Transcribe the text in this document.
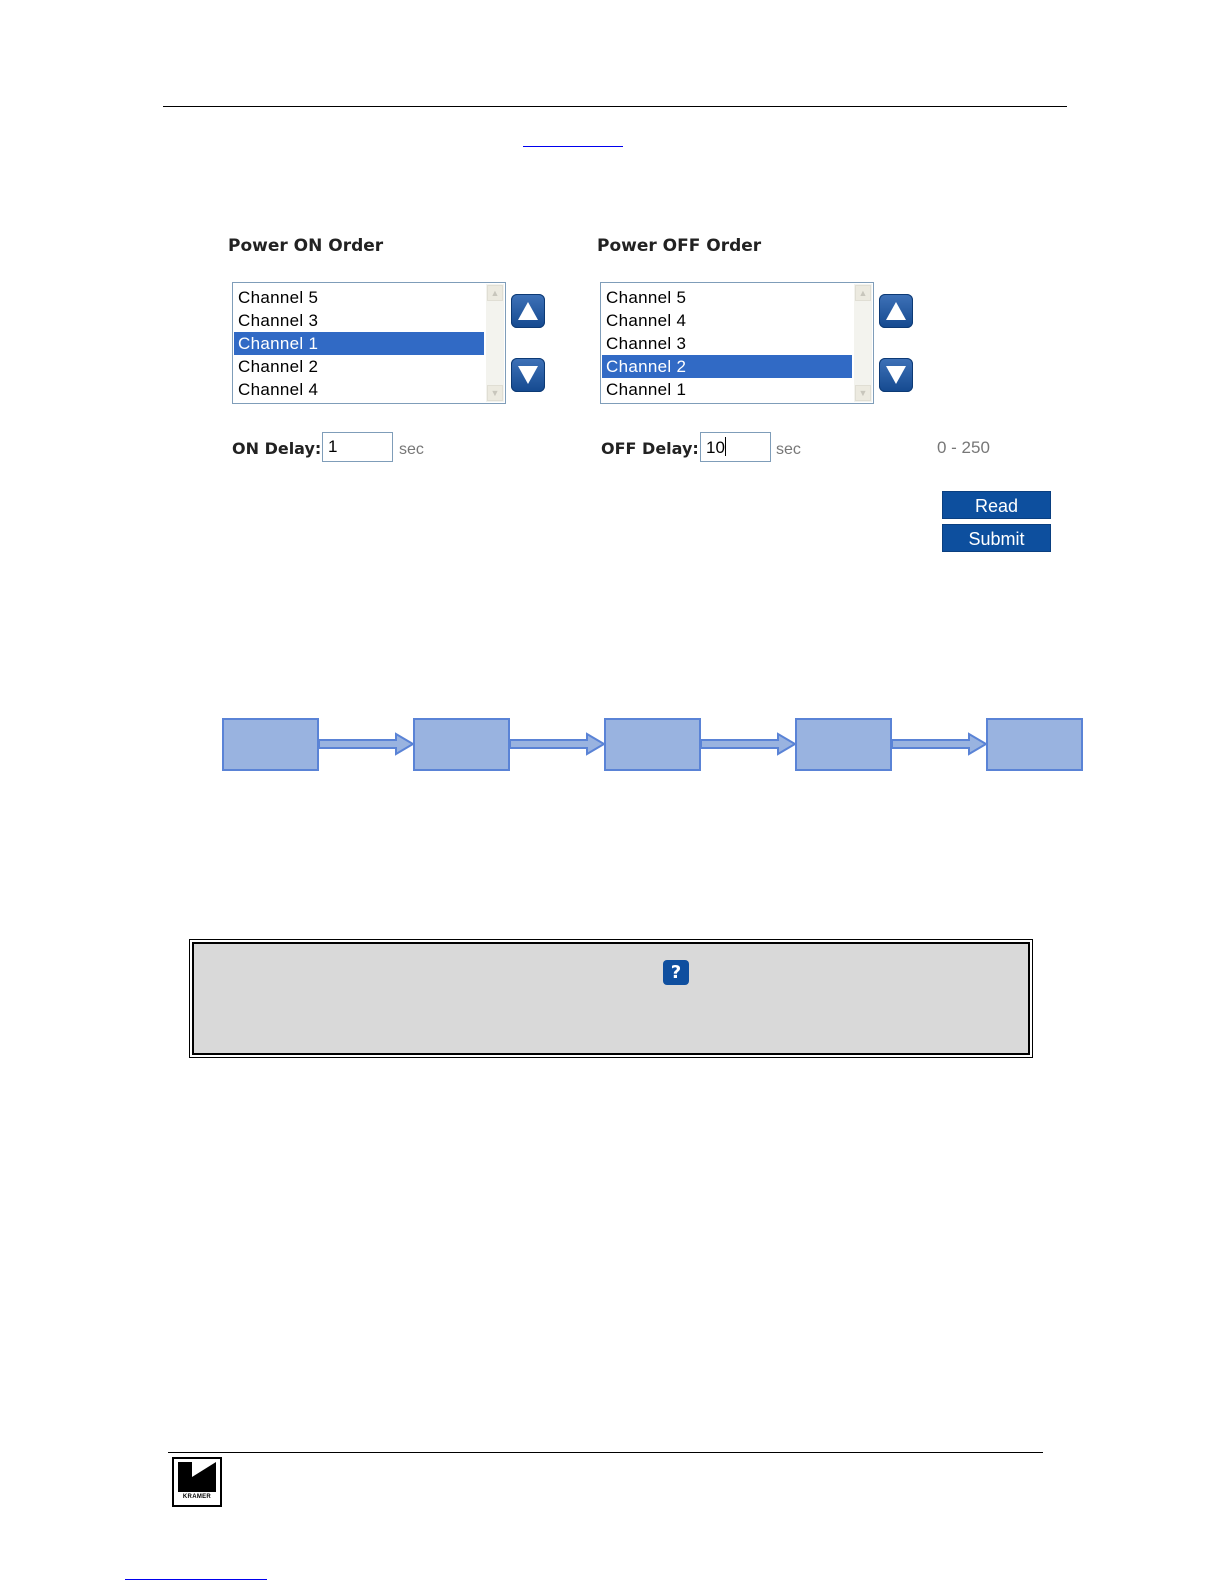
Power ON Order
Channel 5
Channel 3
Channel 1
Channel 2
Channel 4
▲
▼
ON Delay: 1	sec
Power OFF Order
Channel 5
Channel 4
Channel 3
Channel 2
Channel 1
▲
▼
OFF Delay: 10	sec	0 - 250
Read
Submit
?
KRAMER
